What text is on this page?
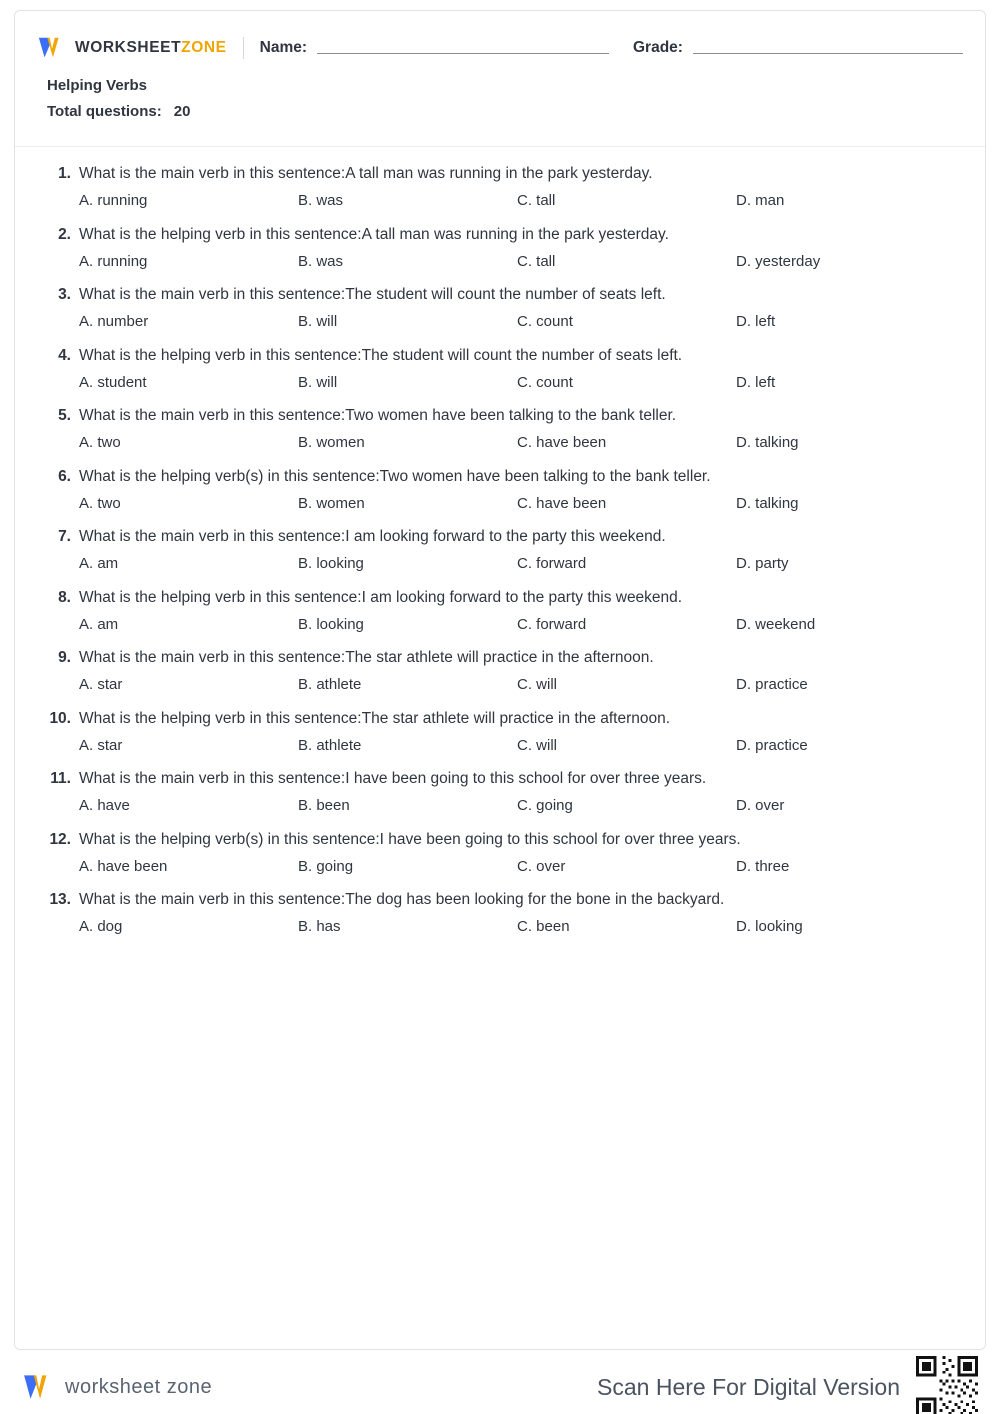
WORKSHEETZONE Name:	Grade:
Helping Verbs
Total questions: 20
1. What is the main verb in this sentence:A tall man was running in the park yesterday.
A. running	B. was	C. tall	D. man
2. What is the helping verb in this sentence:A tall man was running in the park yesterday.
A. running	B. was	C. tall	D. yesterday
3. What is the main verb in this sentence:The student will count the number of seats left.
A. number	B. will	C. count	D. left
4. What is the helping verb in this sentence:The student will count the number of seats left.
A. student	B. will	C. count	D. left
5. What is the main verb in this sentence:Two women have been talking to the bank teller.
A. two	B. women	C. have been	D. talking
6. What is the helping verb(s) in this sentence:Two women have been talking to the bank teller.
A. two	B. women	C. have been	D. talking
7. What is the main verb in this sentence:I am looking forward to the party this weekend.
A. am	B. looking	C. forward	D. party
8. What is the helping verb in this sentence:I am looking forward to the party this weekend.
A. am	B. looking	C. forward	D. weekend
9. What is the main verb in this sentence:The star athlete will practice in the afternoon.
A. star	B. athlete	C. will	D. practice
10. What is the helping verb in this sentence:The star athlete will practice in the afternoon.
A. star	B. athlete	C. will	D. practice
11. What is the main verb in this sentence:I have been going to this school for over three years.
A. have	B. been	C. going	D. over
12. What is the helping verb(s) in this sentence:I have been going to this school for over three years.
A. have been	B. going	C. over	D. three
13. What is the main verb in this sentence:The dog has been looking for the bone in the backyard.
A. dog	B. has	C. been	D. looking
worksheet zone	Scan Here For Digital Version
